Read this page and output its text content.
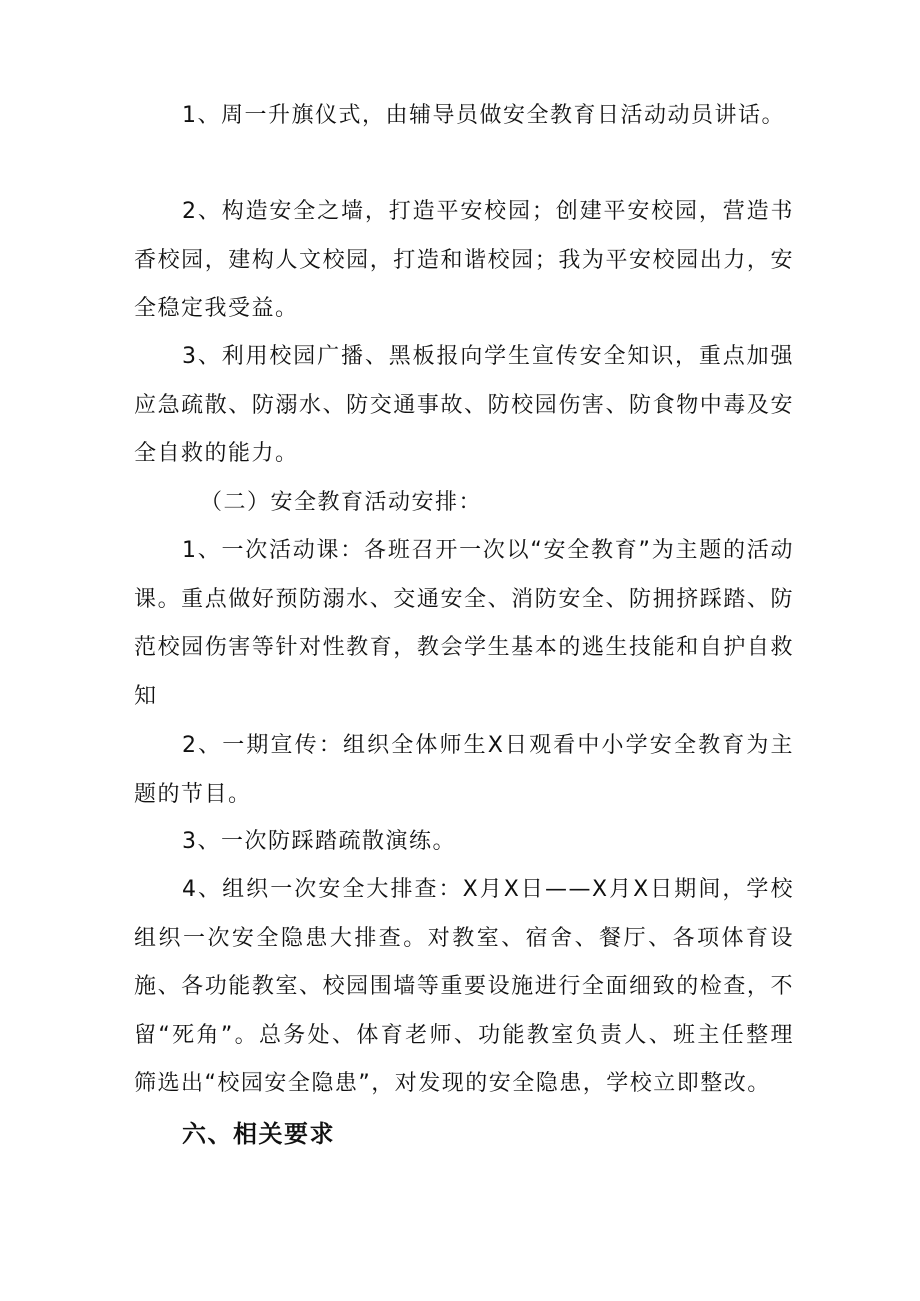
1、周一升旗仪式，由辅导员做安全教育日活动动员讲话。

2、构造安全之墙，打造平安校园；创建平安校园，营造书香校园，建构人文校园，打造和谐校园；我为平安校园出力，安全稳定我受益。

3、利用校园广播、黑板报向学生宣传安全知识，重点加强应急疏散、防溺水、防交通事故、防校园伤害、防食物中毒及安全自救的能力。

（二）安全教育活动安排：

1、一次活动课：各班召开一次以“安全教育”为主题的活动课。重点做好预防溺水、交通安全、消防安全、防拥挤踩踏、防范校园伤害等针对性教育，教会学生基本的逃生技能和自护自救知

2、一期宣传：组织全体师生X日观看中小学安全教育为主题的节目。

3、一次防踩踏疏散演练。

4、组织一次安全大排查：X月X日——X月X日期间，学校组织一次安全隐患大排查。对教室、宿舍、餐厅、各项体育设施、各功能教室、校园围墙等重要设施进行全面细致的检查，不留“死角”。总务处、体育老师、功能教室负责人、班主任整理筛选出“校园安全隐患”，对发现的安全隐患，学校立即整改。

六、相关要求
